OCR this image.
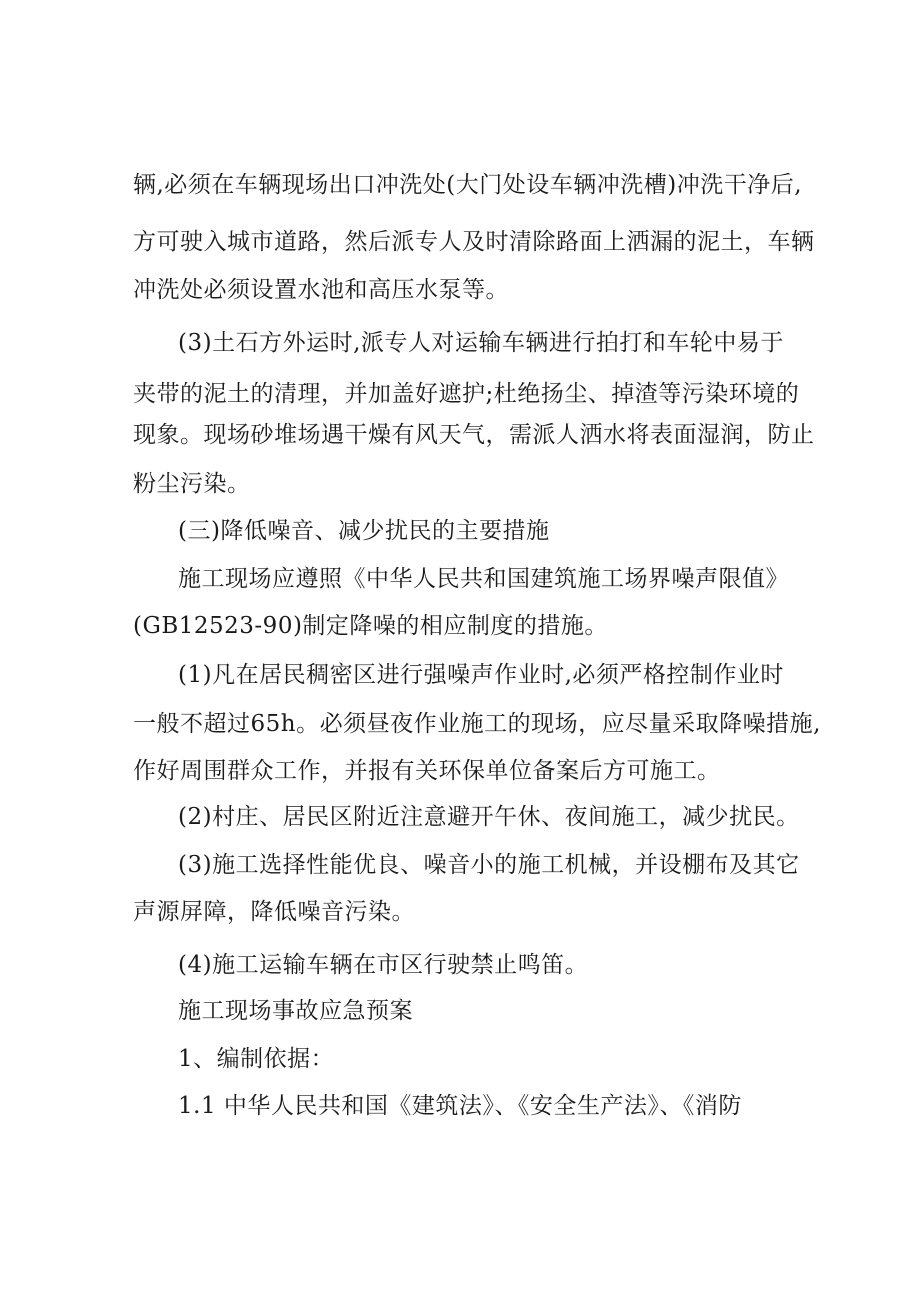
辆,必须在车辆现场出口冲洗处(大门处设车辆冲洗槽)冲洗干净后,
方可驶入城市道路，然后派专人及时清除路面上洒漏的泥土，车辆
冲洗处必须设置水池和高压水泵等。
(3)土石方外运时,派专人对运输车辆进行拍打和车轮中易于
夹带的泥土的清理，并加盖好遮护;杜绝扬尘、掉渣等污染环境的
现象。现场砂堆场遇干燥有风天气，需派人洒水将表面湿润，防止
粉尘污染。
(三)降低噪音、减少扰民的主要措施
施工现场应遵照《中华人民共和国建筑施工场界噪声限值》
(GB12523-90)制定降噪的相应制度的措施。
(1)凡在居民稠密区进行强噪声作业时,必须严格控制作业时
一般不超过65h。必须昼夜作业施工的现场，应尽量采取降噪措施,
作好周围群众工作，并报有关环保单位备案后方可施工。
(2)村庄、居民区附近注意避开午休、夜间施工，减少扰民。
(3)施工选择性能优良、噪音小的施工机械，并设棚布及其它
声源屏障，降低噪音污染。
(4)施工运输车辆在市区行驶禁止鸣笛。
施工现场事故应急预案
1、编制依据：
1.1 中华人民共和国《建筑法》、《安全生产法》、《消防
